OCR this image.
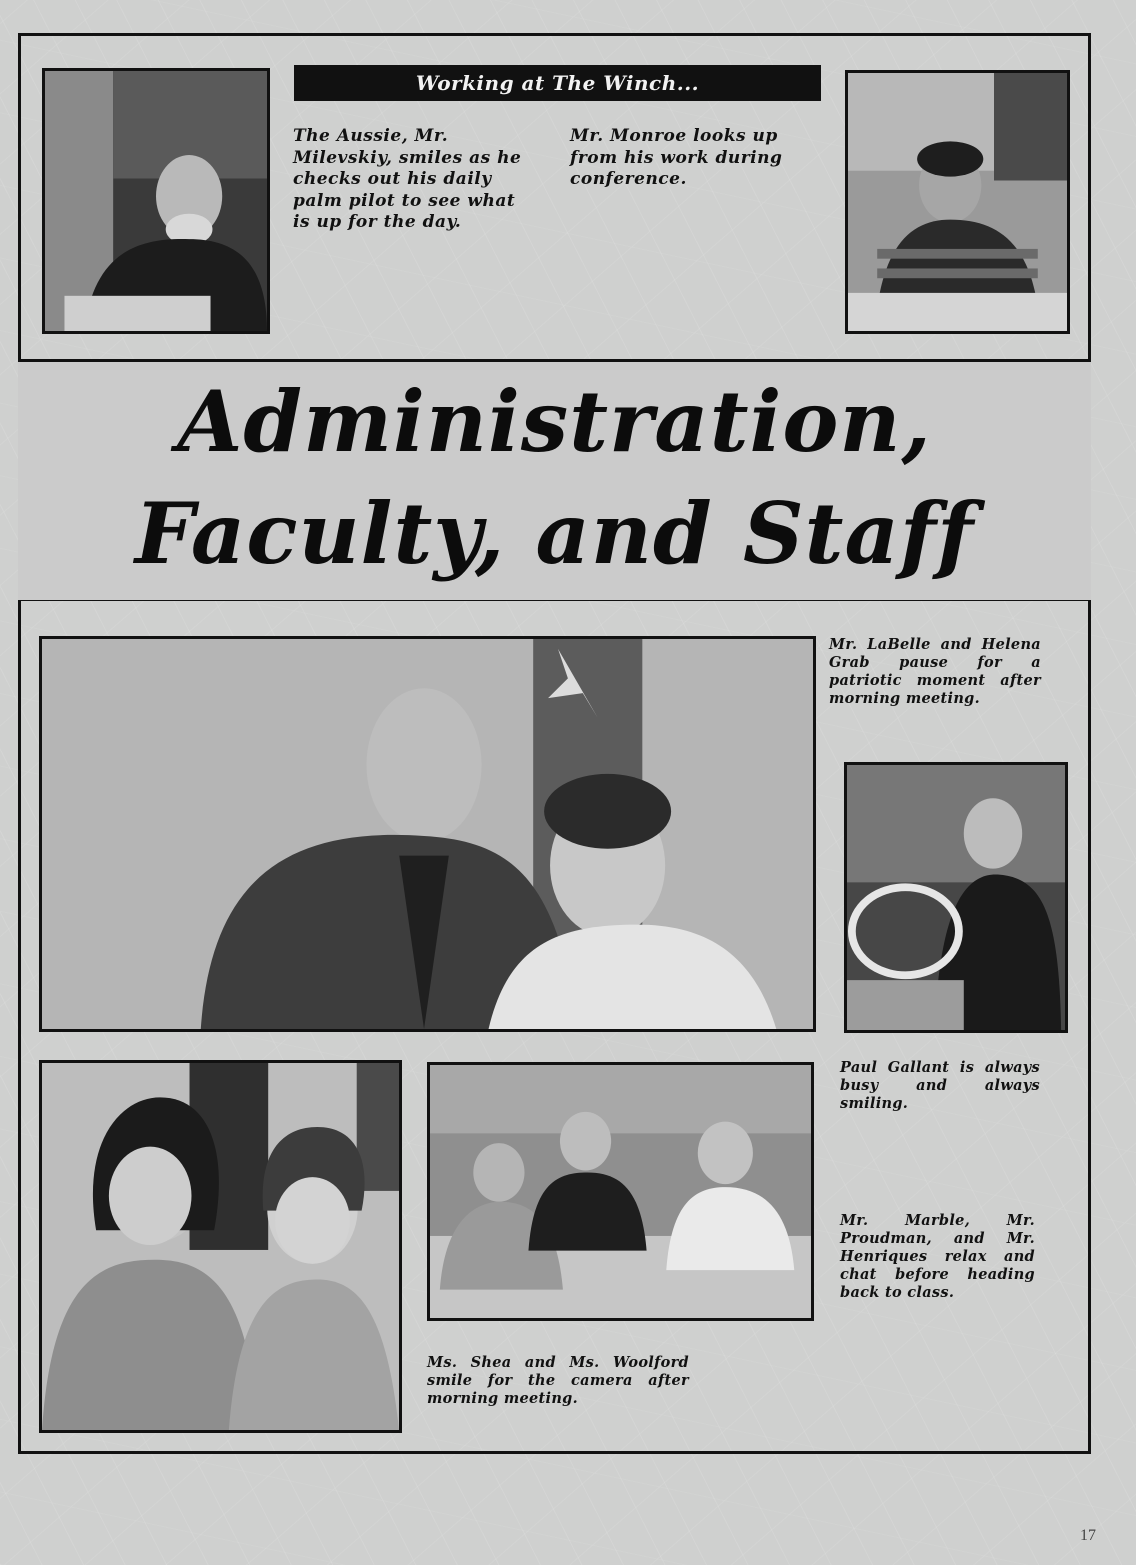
Working at The Winch...

The Aussie, Mr. Milevskiy, smiles as he checks out his daily palm pilot to see what is up for the day.

Mr. Monroe looks up from his work during conference.

Administration,

Faculty, and Staff

Mr. LaBelle and Helena Grab pause for a patriotic moment after morning meeting.

Paul Gallant is always busy and always smiling.

Mr. Marble, Mr. Proudman, and Mr. Henriques relax and chat before heading back to class.

Ms. Shea and Ms. Woolford smile for the camera after morning meeting.

17
